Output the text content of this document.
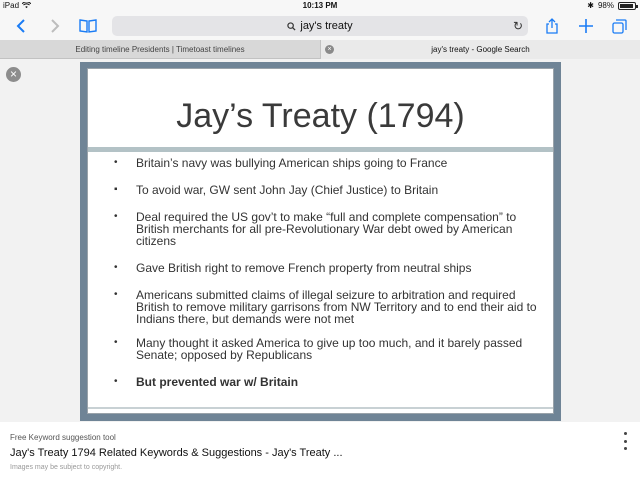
iPad	10:13 PM	✱ 98%
jay's treaty	↻
Editing timeline Presidents | Timetoast timelines	jay's treaty - Google Search
×
×
Jay’s Treaty (1794)
• Britain’s navy was bullying American ships going to France
▪ To avoid war, GW sent John Jay (Chief Justice) to Britain
• Deal required the US gov’t to make “full and complete compensation” to British merchants for all pre-Revolutionary War debt owed by American citizens
• Gave British right to remove French property from neutral ships
• Americans submitted claims of illegal seizure to arbitration and required British to remove military garrisons from NW Territory and to end their aid to Indians there, but demands were not met
• Many thought it asked America to give up too much, and it barely passed Senate; opposed by Republicans
• But prevented war w/ Britain
Free Keyword suggestion tool
Jay's Treaty 1794 Related Keywords & Suggestions - Jay's Treaty ...
Images may be subject to copyright.
